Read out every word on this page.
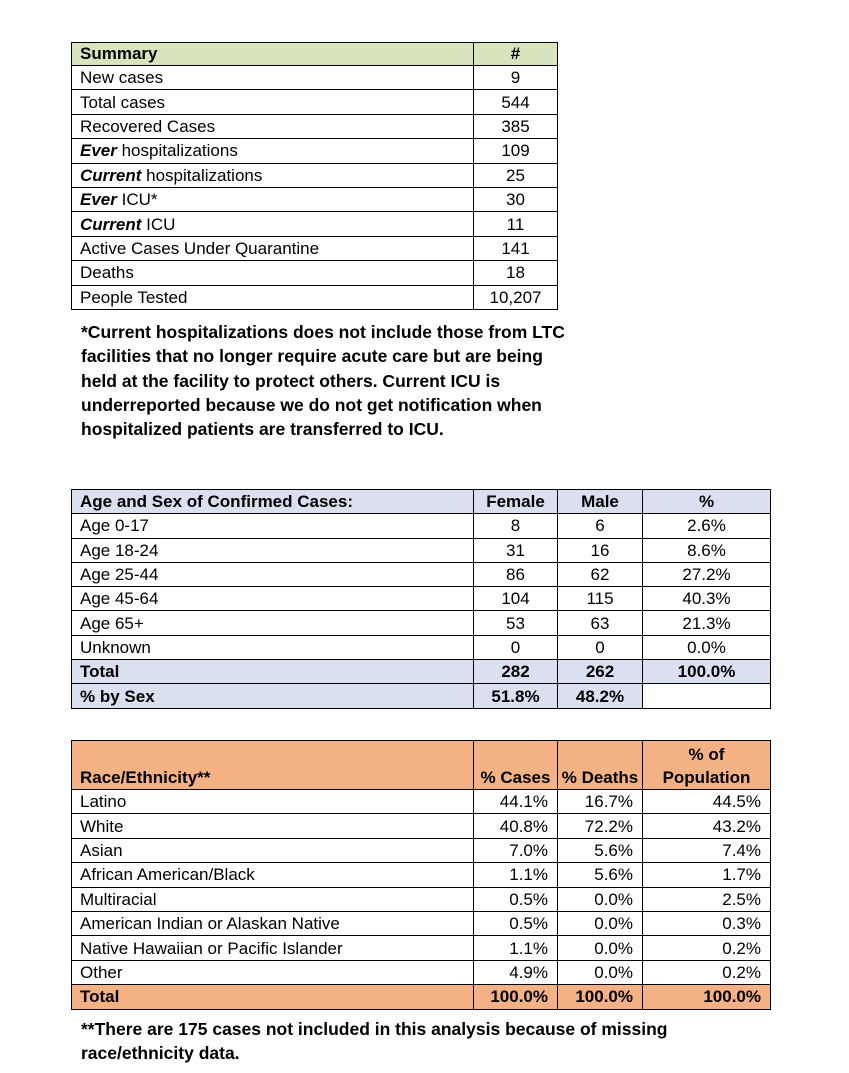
Summary	#
New cases	9
Total cases	544
Recovered Cases	385
Ever hospitalizations	109
Current hospitalizations	25
Ever ICU*	30
Current ICU	11
Active Cases Under Quarantine	141
Deaths	18
People Tested	10,207

*Current hospitalizations does not include those from LTC facilities that no longer require acute care but are being held at the facility to protect others. Current ICU is underreported because we do not get notification when hospitalized patients are transferred to ICU.

Age and Sex of Confirmed Cases:	Female	Male	%
Age 0-17	8	6	2.6%
Age 18-24	31	16	8.6%
Age 25-44	86	62	27.2%
Age 45-64	104	115	40.3%
Age 65+	53	63	21.3%
Unknown	0	0	0.0%
Total	282	262	100.0%
% by Sex	51.8%	48.2%	
Race/Ethnicity**	% Cases	% Deaths	% of Population
Latino	44.1%	16.7%	44.5%
White	40.8%	72.2%	43.2%
Asian	7.0%	5.6%	7.4%
African American/Black	1.1%	5.6%	1.7%
Multiracial	0.5%	0.0%	2.5%
American Indian or Alaskan Native	0.5%	0.0%	0.3%
Native Hawaiian or Pacific Islander	1.1%	0.0%	0.2%
Other	4.9%	0.0%	0.2%
Total	100.0%	100.0%	100.0%

**There are 175 cases not included in this analysis because of missing race/ethnicity data.
